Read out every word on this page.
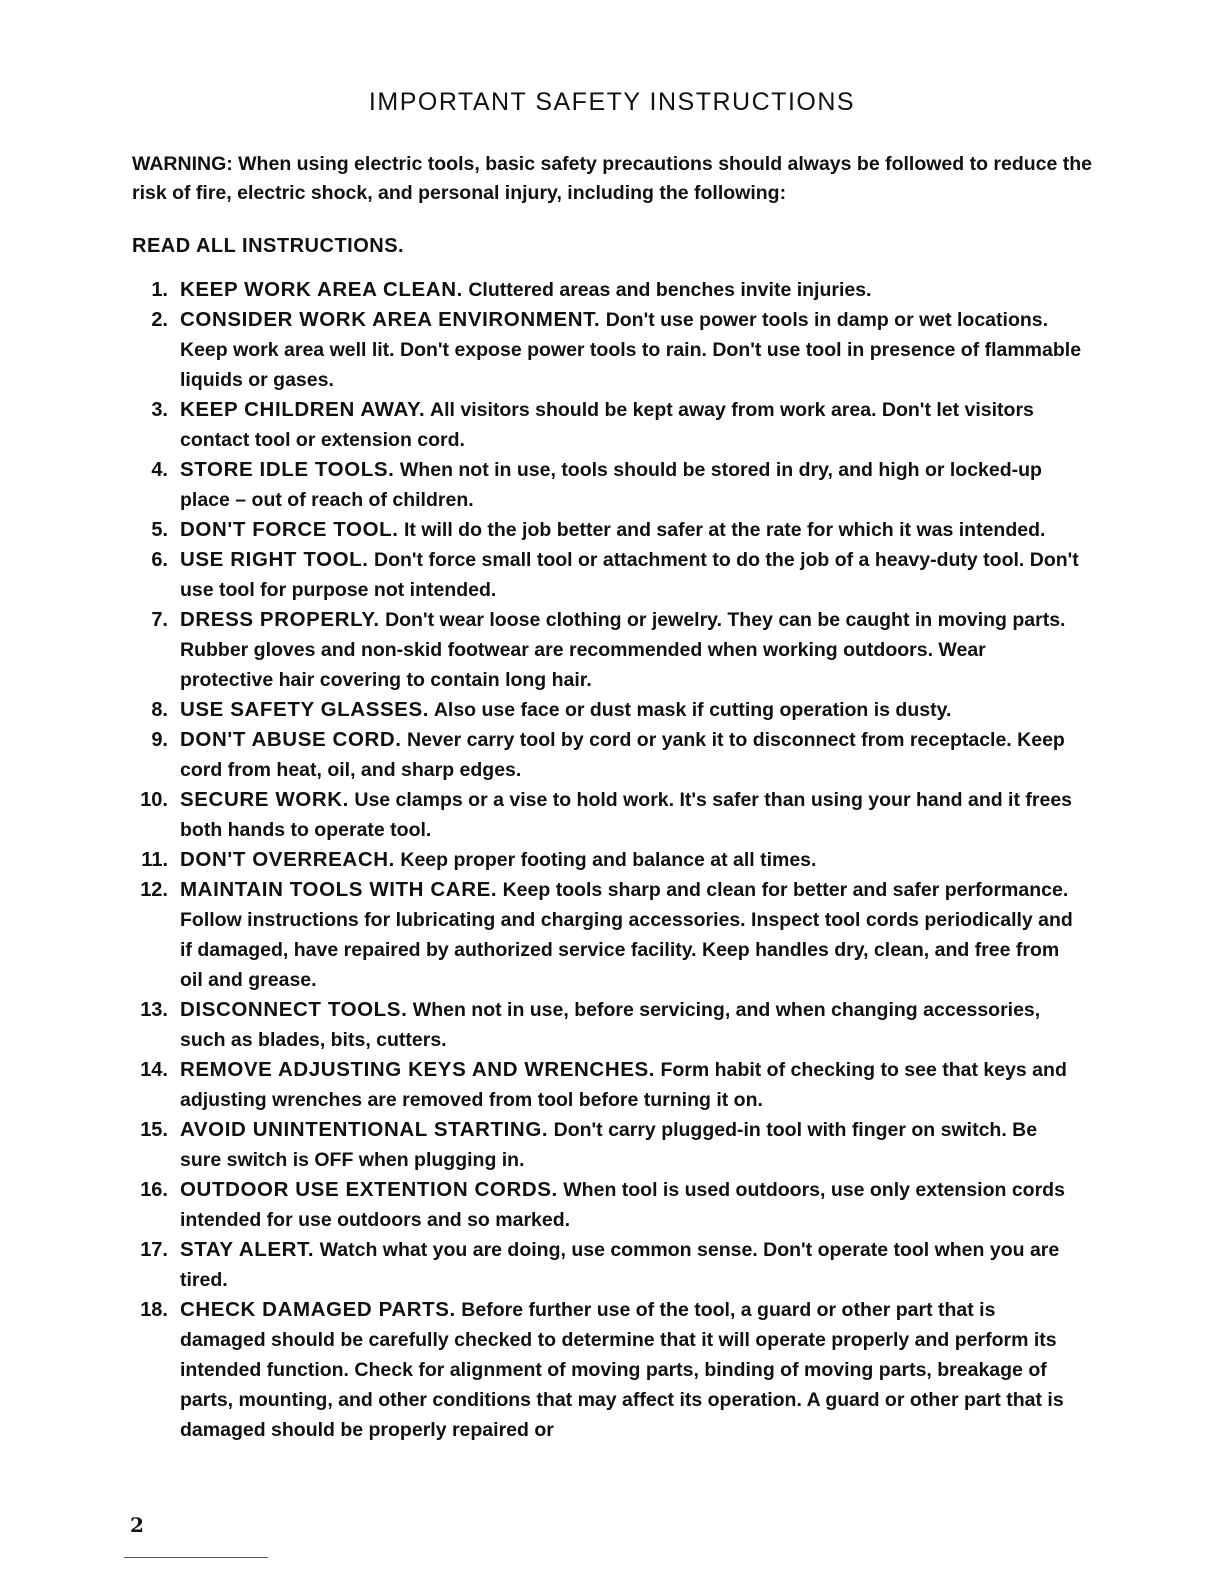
IMPORTANT SAFETY INSTRUCTIONS
WARNING: When using electric tools, basic safety precautions should always be followed to reduce the risk of fire, electric shock, and personal injury, including the following:
READ ALL INSTRUCTIONS.
1. KEEP WORK AREA CLEAN. Cluttered areas and benches invite injuries.
2. CONSIDER WORK AREA ENVIRONMENT. Don't use power tools in damp or wet locations. Keep work area well lit. Don't expose power tools to rain. Don't use tool in presence of flammable liquids or gases.
3. KEEP CHILDREN AWAY. All visitors should be kept away from work area. Don't let visitors contact tool or extension cord.
4. STORE IDLE TOOLS. When not in use, tools should be stored in dry, and high or locked-up place – out of reach of children.
5. DON'T FORCE TOOL. It will do the job better and safer at the rate for which it was intended.
6. USE RIGHT TOOL. Don't force small tool or attachment to do the job of a heavy-duty tool. Don't use tool for purpose not intended.
7. DRESS PROPERLY. Don't wear loose clothing or jewelry. They can be caught in moving parts. Rubber gloves and non-skid footwear are recommended when working outdoors. Wear protective hair covering to contain long hair.
8. USE SAFETY GLASSES. Also use face or dust mask if cutting operation is dusty.
9. DON'T ABUSE CORD. Never carry tool by cord or yank it to disconnect from receptacle. Keep cord from heat, oil, and sharp edges.
10. SECURE WORK. Use clamps or a vise to hold work. It's safer than using your hand and it frees both hands to operate tool.
11. DON'T OVERREACH. Keep proper footing and balance at all times.
12. MAINTAIN TOOLS WITH CARE. Keep tools sharp and clean for better and safer performance. Follow instructions for lubricating and charging accessories. Inspect tool cords periodically and if damaged, have repaired by authorized service facility. Keep handles dry, clean, and free from oil and grease.
13. DISCONNECT TOOLS. When not in use, before servicing, and when changing accessories, such as blades, bits, cutters.
14. REMOVE ADJUSTING KEYS AND WRENCHES. Form habit of checking to see that keys and adjusting wrenches are removed from tool before turning it on.
15. AVOID UNINTENTIONAL STARTING. Don't carry plugged-in tool with finger on switch. Be sure switch is OFF when plugging in.
16. OUTDOOR USE EXTENTION CORDS. When tool is used outdoors, use only extension cords intended for use outdoors and so marked.
17. STAY ALERT. Watch what you are doing, use common sense. Don't operate tool when you are tired.
18. CHECK DAMAGED PARTS. Before further use of the tool, a guard or other part that is damaged should be carefully checked to determine that it will operate properly and perform its intended function. Check for alignment of moving parts, binding of moving parts, breakage of parts, mounting, and other conditions that may affect its operation. A guard or other part that is damaged should be properly repaired or
2
